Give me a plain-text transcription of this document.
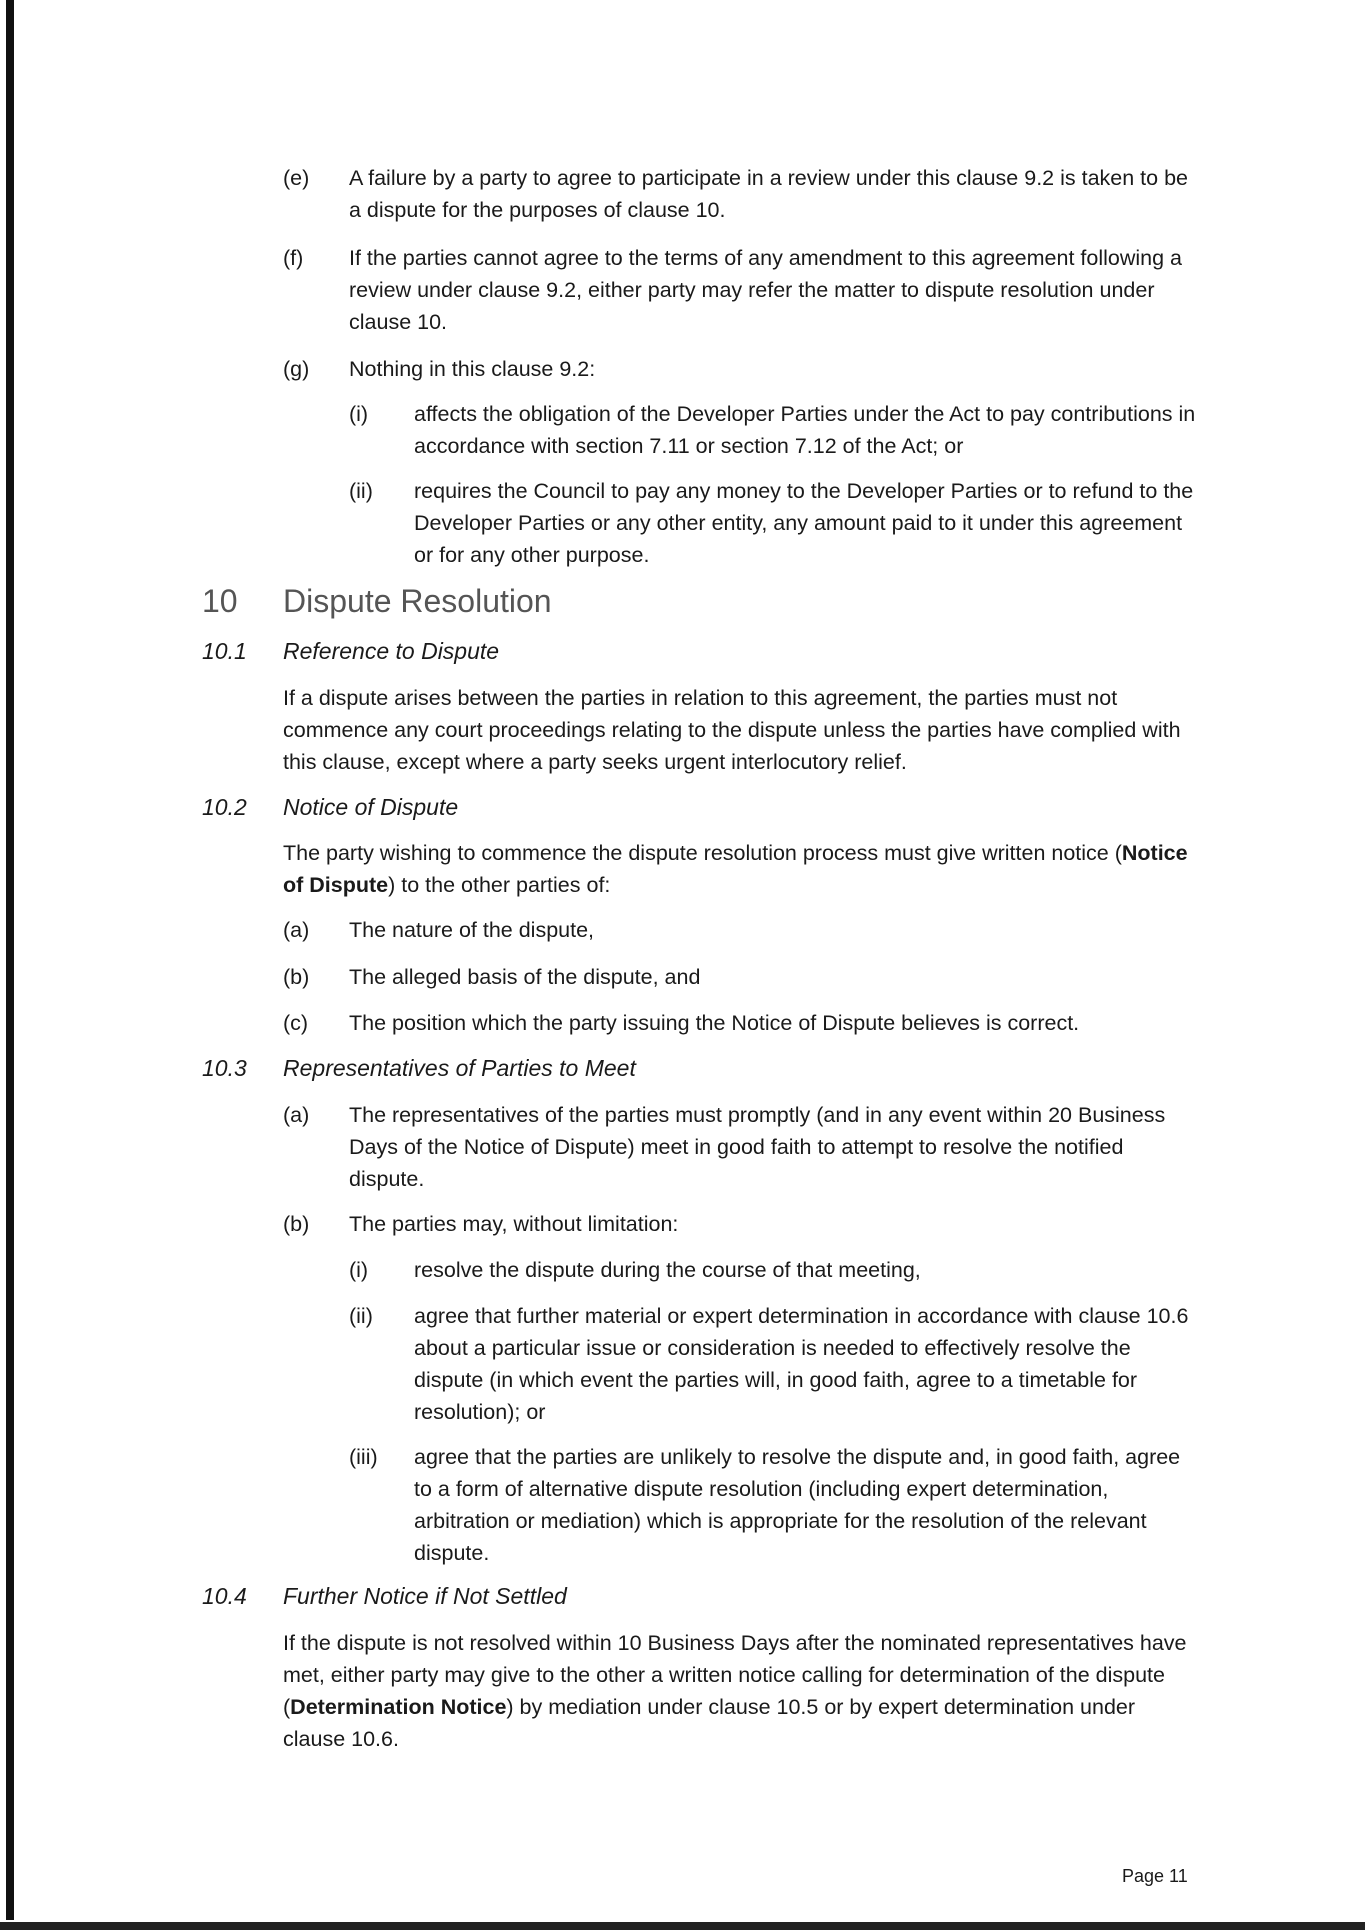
(e) A failure by a party to agree to participate in a review under this clause 9.2 is taken to be a dispute for the purposes of clause 10.
(f) If the parties cannot agree to the terms of any amendment to this agreement following a review under clause 9.2, either party may refer the matter to dispute resolution under clause 10.
(g) Nothing in this clause 9.2:
(i) affects the obligation of the Developer Parties under the Act to pay contributions in accordance with section 7.11 or section 7.12 of the Act; or
(ii) requires the Council to pay any money to the Developer Parties or to refund to the Developer Parties or any other entity, any amount paid to it under this agreement or for any other purpose.
10 Dispute Resolution
10.1 Reference to Dispute
If a dispute arises between the parties in relation to this agreement, the parties must not commence any court proceedings relating to the dispute unless the parties have complied with this clause, except where a party seeks urgent interlocutory relief.
10.2 Notice of Dispute
The party wishing to commence the dispute resolution process must give written notice (Notice of Dispute) to the other parties of:
(a) The nature of the dispute,
(b) The alleged basis of the dispute, and
(c) The position which the party issuing the Notice of Dispute believes is correct.
10.3 Representatives of Parties to Meet
(a) The representatives of the parties must promptly (and in any event within 20 Business Days of the Notice of Dispute) meet in good faith to attempt to resolve the notified dispute.
(b) The parties may, without limitation:
(i) resolve the dispute during the course of that meeting,
(ii) agree that further material or expert determination in accordance with clause 10.6 about a particular issue or consideration is needed to effectively resolve the dispute (in which event the parties will, in good faith, agree to a timetable for resolution); or
(iii) agree that the parties are unlikely to resolve the dispute and, in good faith, agree to a form of alternative dispute resolution (including expert determination, arbitration or mediation) which is appropriate for the resolution of the relevant dispute.
10.4 Further Notice if Not Settled
If the dispute is not resolved within 10 Business Days after the nominated representatives have met, either party may give to the other a written notice calling for determination of the dispute (Determination Notice) by mediation under clause 10.5 or by expert determination under clause 10.6.
Page 11
